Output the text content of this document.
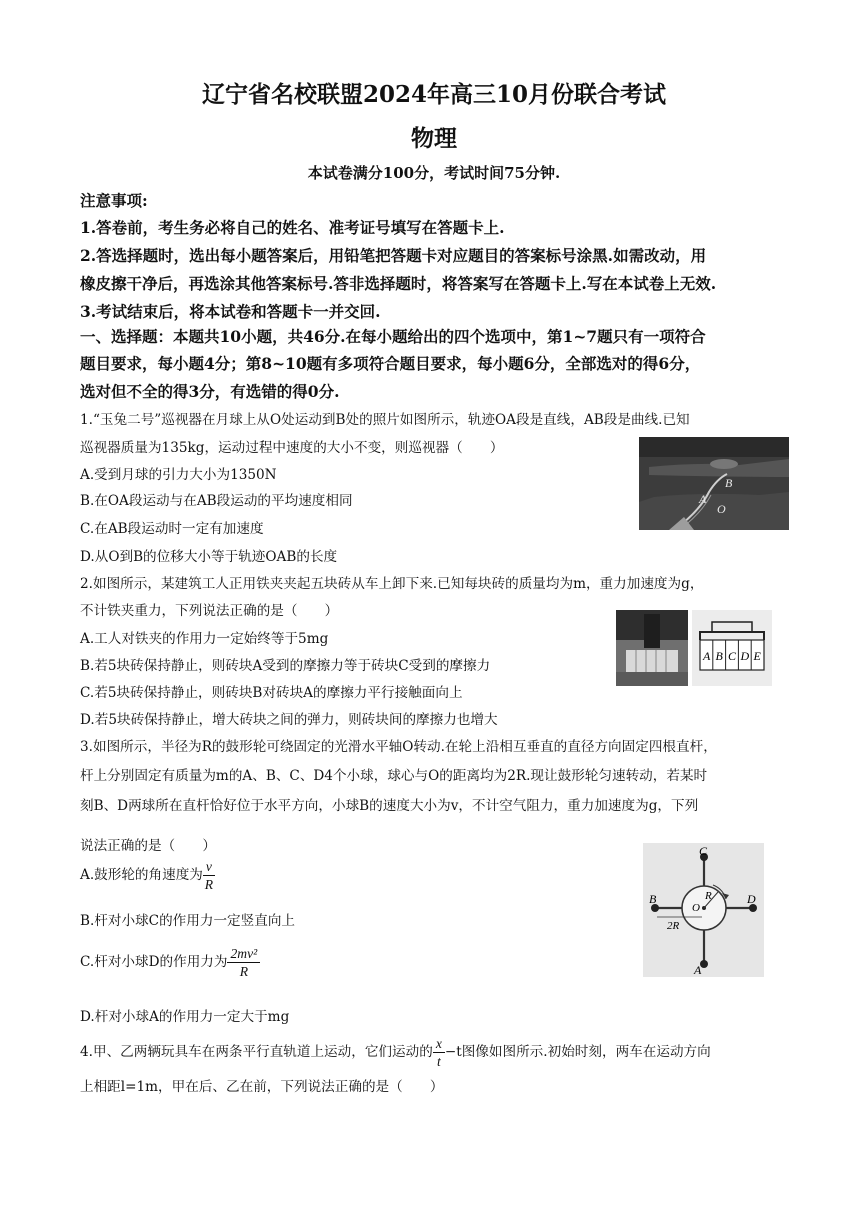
辽宁省名校联盟2024年高三10月份联合考试
物理
本试卷满分100分，考试时间75分钟.
注意事项:
1.答卷前，考生务必将自己的姓名、准考证号填写在答题卡上.
2.答选择题时，选出每小题答案后，用铅笔把答题卡对应题目的答案标号涂黑.如需改动，用
橡皮擦干净后，再选涂其他答案标号.答非选择题时，将答案写在答题卡上.写在本试卷上无效.
3.考试结束后，将本试卷和答题卡一并交回.
一、选择题：本题共10小题，共46分.在每小题给出的四个选项中，第1~7题只有一项符合
题目要求，每小题4分；第8~10题有多项符合题目要求，每小题6分，全部选对的得6分，
选对但不全的得3分，有选错的得0分.
1.“玉兔二号”巡视器在月球上从O处运动到B处的照片如图所示，轨迹OA段是直线，AB段是曲线.已知
巡视器质量为135kg，运动过程中速度的大小不变，则巡视器（　　）
A.受到月球的引力大小为1350N
B.在OA段运动与在AB段运动的平均速度相同
C.在AB段运动时一定有加速度
D.从O到B的位移大小等于轨迹OAB的长度
B
A
O
2.如图所示，某建筑工人正用铁夹夹起五块砖从车上卸下来.已知每块砖的质量均为m，重力加速度为g，
不计铁夹重力，下列说法正确的是（　　）
A.工人对铁夹的作用力一定始终等于5mg
B.若5块砖保持静止，则砖块A受到的摩擦力等于砖块C受到的摩擦力
C.若5块砖保持静止，则砖块B对砖块A的摩擦力平行接触面向上
D.若5块砖保持静止，增大砖块之间的弹力，则砖块间的摩擦力也增大
A B C D E
3.如图所示，半径为R的鼓形轮可绕固定的光滑水平轴O转动.在轮上沿相互垂直的直径方向固定四根直杆，
杆上分别固定有质量为m的A、B、C、D4个小球，球心与O的距离均为2R.现让鼓形轮匀速转动，若某时
刻B、D两球所在直杆恰好位于水平方向，小球B的速度大小为v，不计空气阻力，重力加速度为g，下列
说法正确的是（　　）
A.鼓形轮的角速度为 $\frac{v}{R}$
B.杆对小球C的作用力一定竖直向上
C.杆对小球D的作用力为 $\frac{\text{2mv²}}{R}$
D.杆对小球A的作用力一定大于mg
C
B	D
A
O
R
2R
4.甲、乙两辆玩具车在两条平行直轨道上运动，它们运动的 $\frac{x}{t} -t$图像如图所示.初始时刻，两车在运动方向
上相距l=1m，甲在后、乙在前，下列说法正确的是（　　）
